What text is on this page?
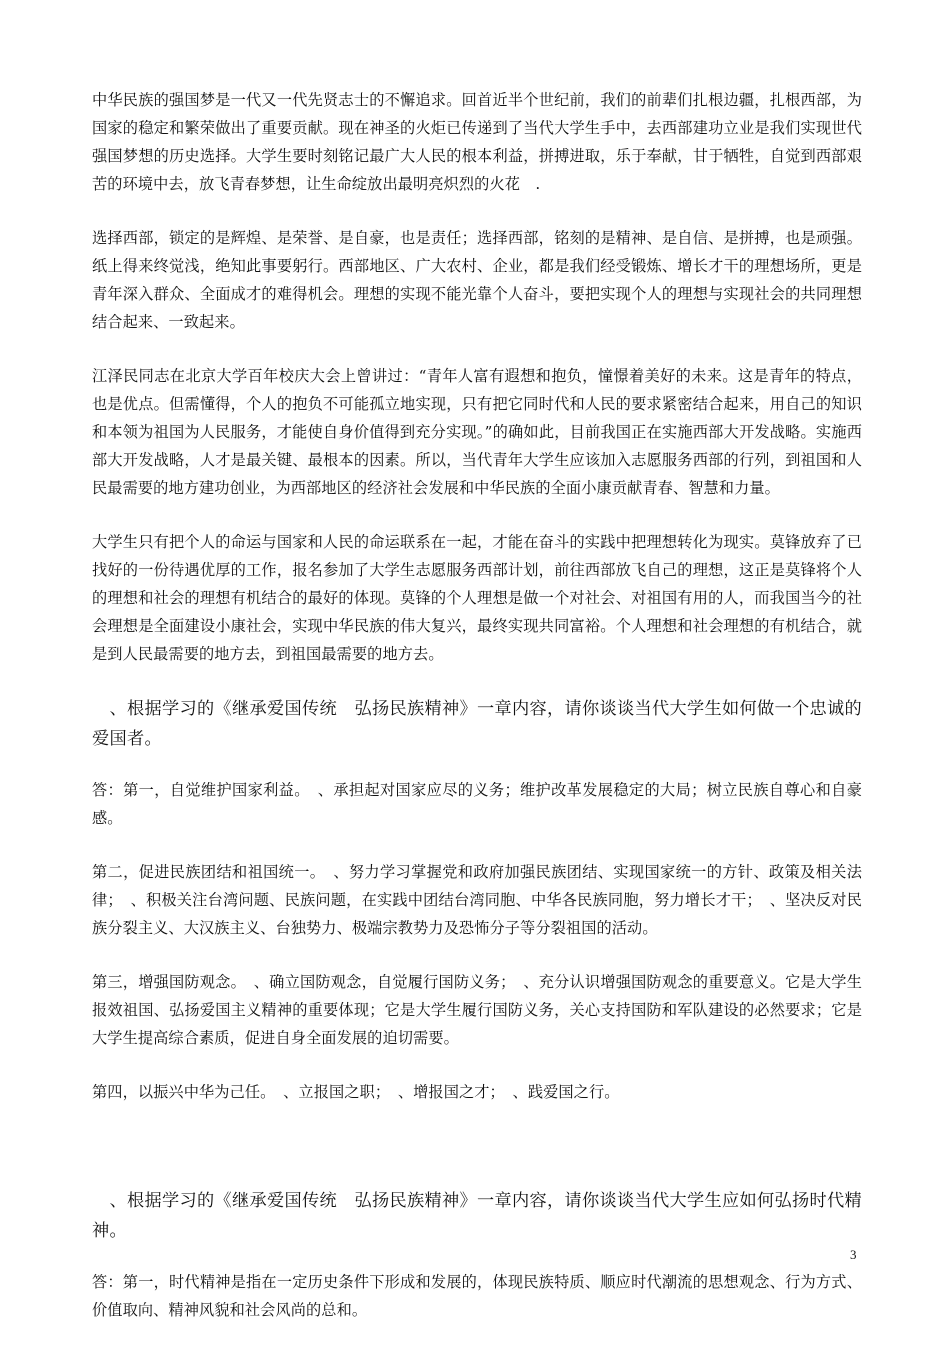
中华民族的强国梦是一代又一代先贤志士的不懈追求。回首近半个世纪前，我们的前辈们扎根边疆，扎根西部，为国家的稳定和繁荣做出了重要贡献。现在神圣的火炬已传递到了当代大学生手中，去西部建功立业是我们实现世代强国梦想的历史选择。大学生要时刻铭记最广大人民的根本利益，拼搏进取，乐于奉献，甘于牺牲，自觉到西部艰苦的环境中去，放飞青春梦想，让生命绽放出最明亮炽烈的火花　.

选择西部，锁定的是辉煌、是荣誉、是自豪，也是责任；选择西部，铭刻的是精神、是自信、是拼搏，也是顽强。纸上得来终觉浅，绝知此事要躬行。西部地区、广大农村、企业，都是我们经受锻炼、增长才干的理想场所，更是青年深入群众、全面成才的难得机会。理想的实现不能光靠个人奋斗，要把实现个人的理想与实现社会的共同理想结合起来、一致起来。

江泽民同志在北京大学百年校庆大会上曾讲过：“青年人富有遐想和抱负，憧憬着美好的未来。这是青年的特点，也是优点。但需懂得，个人的抱负不可能孤立地实现，只有把它同时代和人民的要求紧密结合起来，用自己的知识和本领为祖国为人民服务，才能使自身价值得到充分实现。”的确如此，目前我国正在实施西部大开发战略。实施西部大开发战略，人才是最关键、最根本的因素。所以，当代青年大学生应该加入志愿服务西部的行列，到祖国和人民最需要的地方建功创业，为西部地区的经济社会发展和中华民族的全面小康贡献青春、智慧和力量。

大学生只有把个人的命运与国家和人民的命运联系在一起，才能在奋斗的实践中把理想转化为现实。莫锋放弃了已找好的一份待遇优厚的工作，报名参加了大学生志愿服务西部计划，前往西部放飞自己的理想，这正是莫锋将个人的理想和社会的理想有机结合的最好的体现。莫锋的个人理想是做一个对社会、对祖国有用的人，而我国当今的社会理想是全面建设小康社会，实现中华民族的伟大复兴，最终实现共同富裕。个人理想和社会理想的有机结合，就是到人民最需要的地方去，到祖国最需要的地方去。

　、根据学习的《继承爱国传统　弘扬民族精神》一章内容，请你谈谈当代大学生如何做一个忠诚的爱国者。

答：第一，自觉维护国家利益。　、承担起对国家应尽的义务；维护改革发展稳定的大局；树立民族自尊心和自豪感。

第二，促进民族团结和祖国统一。　、努力学习掌握党和政府加强民族团结、实现国家统一的方针、政策及相关法律；　、积极关注台湾问题、民族问题，在实践中团结台湾同胞、中华各民族同胞，努力增长才干；　、坚决反对民族分裂主义、大汉族主义、台独势力、极端宗教势力及恐怖分子等分裂祖国的活动。

第三，增强国防观念。　、确立国防观念，自觉履行国防义务；　、充分认识增强国防观念的重要意义。它是大学生报效祖国、弘扬爱国主义精神的重要体现；它是大学生履行国防义务，关心支持国防和军队建设的必然要求；它是大学生提高综合素质，促进自身全面发展的迫切需要。

第四，以振兴中华为己任。　、立报国之职；　、增报国之才；　、践爱国之行。

　、根据学习的《继承爱国传统　弘扬民族精神》一章内容，请你谈谈当代大学生应如何弘扬时代精神。

答：第一，时代精神是指在一定历史条件下形成和发展的，体现民族特质、顺应时代潮流的思想观念、行为方式、价值取向、精神风貌和社会风尚的总和。

3
